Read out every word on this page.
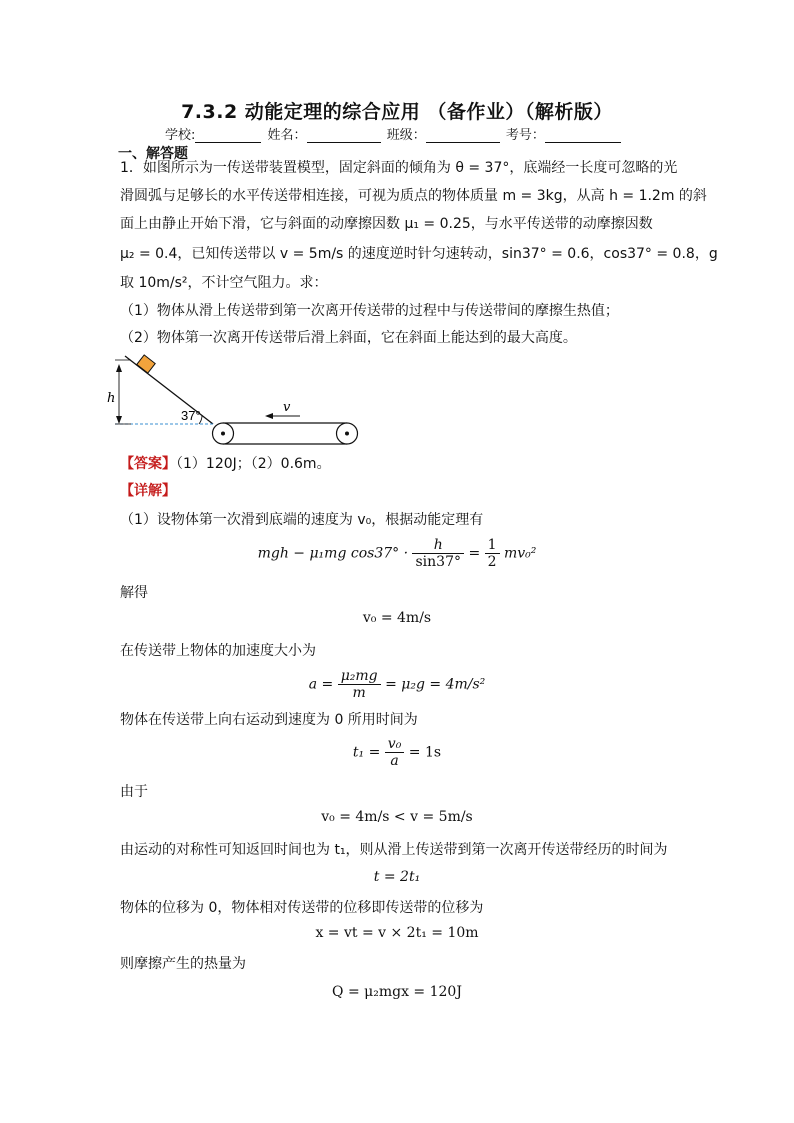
7.3.2 动能定理的综合应用 （备作业）（解析版）
学校:	姓名：	班级：	考号：
一、解答题
1．如图所示为一传送带装置模型，固定斜面的倾角为 θ = 37°，底端经一长度可忽略的光
滑圆弧与足够长的水平传送带相连接，可视为质点的物体质量 m = 3kg，从高 h = 1.2m 的斜
面上由静止开始下滑，它与斜面的动摩擦因数 μ₁ = 0.25，与水平传送带的动摩擦因数
μ₂ = 0.4，已知传送带以 v = 5m/s 的速度逆时针匀速转动，sin37° = 0.6，cos37° = 0.8，g
取 10m/s²，不计空气阻力。求：
（1）物体从滑上传送带到第一次离开传送带的过程中与传送带间的摩擦生热值；
（2）物体第一次离开传送带后滑上斜面，它在斜面上能达到的最大高度。
h
37°
v
【答案】（1）120J；（2）0.6m。
【详解】
（1）设物体第一次滑到底端的速度为 v₀，根据动能定理有
mgh − μ₁mg $\cos 37^\circ \cdot \frac{h}{\sin 37^\circ} = \frac{1}{2} mv_0^2$
解得
v₀ = 4m/s
在传送带上物体的加速度大小为
$a = \frac{\text{μ₂mg}}{m} = \mu_2g = 4m/s^2$
物体在传送带上向右运动到速度为 0 所用时间为
$t_1 = \frac{\text{v₀}}{a} = 1s$
由于
v₀ = 4m/s < v = 5m/s
由运动的对称性可知返回时间也为 t₁，则从滑上传送带到第一次离开传送带经历的时间为
t = 2t₁
物体的位移为 0，物体相对传送带的位移即传送带的位移为
x = vt = v × 2t₁ = 10m
则摩擦产生的热量为
Q = μ₂mgx = 120J
